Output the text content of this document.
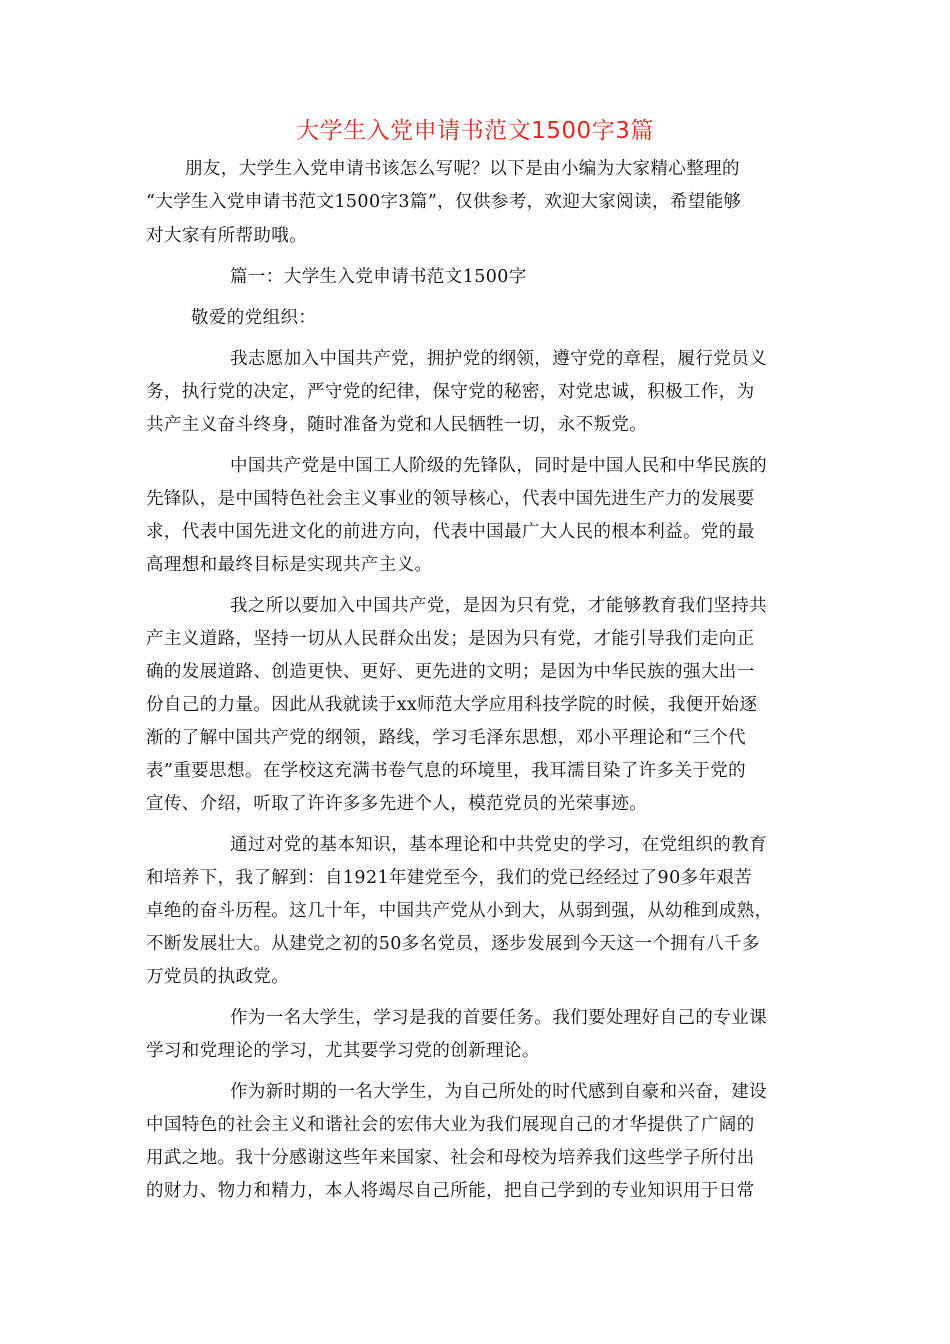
大学生入党申请书范文1500字3篇
朋友，大学生入党申请书该怎么写呢？以下是由小编为大家精心整理的
“大学生入党申请书范文1500字3篇”，仅供参考，欢迎大家阅读，希望能够
对大家有所帮助哦。
篇一：大学生入党申请书范文1500字
敬爱的党组织：
我志愿加入中国共产党，拥护党的纲领，遵守党的章程，履行党员义
务，执行党的决定，严守党的纪律，保守党的秘密，对党忠诚，积极工作，为
共产主义奋斗终身，随时准备为党和人民牺牲一切，永不叛党。
中国共产党是中国工人阶级的先锋队，同时是中国人民和中华民族的
先锋队，是中国特色社会主义事业的领导核心，代表中国先进生产力的发展要
求，代表中国先进文化的前进方向，代表中国最广大人民的根本利益。党的最
高理想和最终目标是实现共产主义。
我之所以要加入中国共产党，是因为只有党，才能够教育我们坚持共
产主义道路，坚持一切从人民群众出发；是因为只有党，才能引导我们走向正
确的发展道路、创造更快、更好、更先进的文明；是因为中华民族的强大出一
份自己的力量。因此从我就读于xx师范大学应用科技学院的时候，我便开始逐
渐的了解中国共产党的纲领，路线，学习毛泽东思想，邓小平理论和“三个代
表”重要思想。在学校这充满书卷气息的环境里，我耳濡目染了许多关于党的
宣传、介绍，听取了许许多多先进个人，模范党员的光荣事迹。
通过对党的基本知识，基本理论和中共党史的学习，在党组织的教育
和培养下，我了解到：自1921年建党至今，我们的党已经经过了90多年艰苦
卓绝的奋斗历程。这几十年，中国共产党从小到大，从弱到强，从幼稚到成熟，
不断发展壮大。从建党之初的50多名党员，逐步发展到今天这一个拥有八千多
万党员的执政党。
作为一名大学生，学习是我的首要任务。我们要处理好自己的专业课
学习和党理论的学习，尤其要学习党的创新理论。
作为新时期的一名大学生，为自己所处的时代感到自豪和兴奋，建设
中国特色的社会主义和谐社会的宏伟大业为我们展现自己的才华提供了广阔的
用武之地。我十分感谢这些年来国家、社会和母校为培养我们这些学子所付出
的财力、物力和精力，本人将竭尽自己所能，把自己学到的专业知识用于日常
